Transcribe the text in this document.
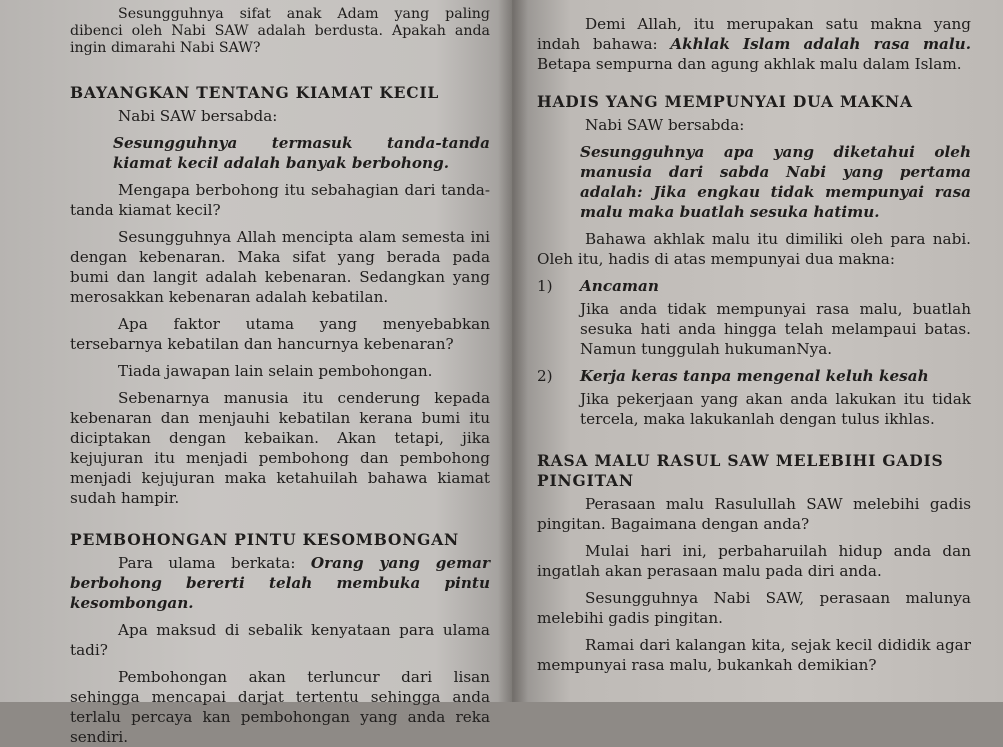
Sesungguhnya sifat anak Adam yang paling dibenci oleh Nabi SAW adalah berdusta. Apakah anda ingin dimarahi Nabi SAW?

BAYANGKAN TENTANG KIAMAT KECIL

Nabi SAW bersabda:

Sesungguhnya termasuk tanda-tanda kiamat kecil adalah banyak berbohong.

Mengapa berbohong itu sebahagian dari tanda-tanda kiamat kecil?

Sesungguhnya Allah mencipta alam semesta ini dengan kebenaran. Maka sifat yang berada pada bumi dan langit adalah kebenaran. Sedangkan yang merosakkan kebenaran adalah kebatilan.

Apa faktor utama yang menyebabkan tersebarnya kebatilan dan hancurnya kebenaran?

Tiada jawapan lain selain pembohongan.

Sebenarnya manusia itu cenderung kepada kebenaran dan menjauhi kebatilan kerana bumi itu diciptakan dengan kebaikan. Akan tetapi, jika kejujuran itu menjadi pembohong dan pembohong menjadi kejujuran maka ketahuilah bahawa kiamat sudah hampir.

PEMBOHONGAN PINTU KESOMBONGAN

Para ulama berkata: Orang yang gemar berbohong bererti telah membuka pintu kesombongan.

Apa maksud di sebalik kenyataan para ulama tadi?

Pembohongan akan terluncur dari lisan sehingga mencapai darjat tertentu sehingga anda terlalu percaya kan pembohongan yang anda reka sendiri.

Demi Allah, itu merupakan satu makna yang indah bahawa: Akhlak Islam adalah rasa malu. Betapa sempurna dan agung akhlak malu dalam Islam.

HADIS YANG MEMPUNYAI DUA MAKNA

Nabi SAW bersabda:

Sesungguhnya apa yang diketahui oleh manusia dari sabda Nabi yang pertama adalah: Jika engkau tidak mempunyai rasa malu maka buatlah sesuka hatimu.

Bahawa akhlak malu itu dimiliki oleh para nabi. Oleh itu, hadis di atas mempunyai dua makna:

1) Ancaman

Jika anda tidak mempunyai rasa malu, buatlah sesuka hati anda hingga telah melampaui batas. Namun tunggulah hukumanNya.

2) Kerja keras tanpa mengenal keluh kesah

Jika pekerjaan yang akan anda lakukan itu tidak tercela, maka lakukanlah dengan tulus ikhlas.

RASA MALU RASUL SAW MELEBIHI GADIS PINGITAN

Perasaan malu Rasulullah SAW melebihi gadis pingitan. Bagaimana dengan anda?

Mulai hari ini, perbaharuilah hidup anda dan ingatlah akan perasaan malu pada diri anda.

Sesungguhnya Nabi SAW, perasaan malunya melebihi gadis pingitan.

Ramai dari kalangan kita, sejak kecil dididik agar mempunyai rasa malu, bukankah demikian?
